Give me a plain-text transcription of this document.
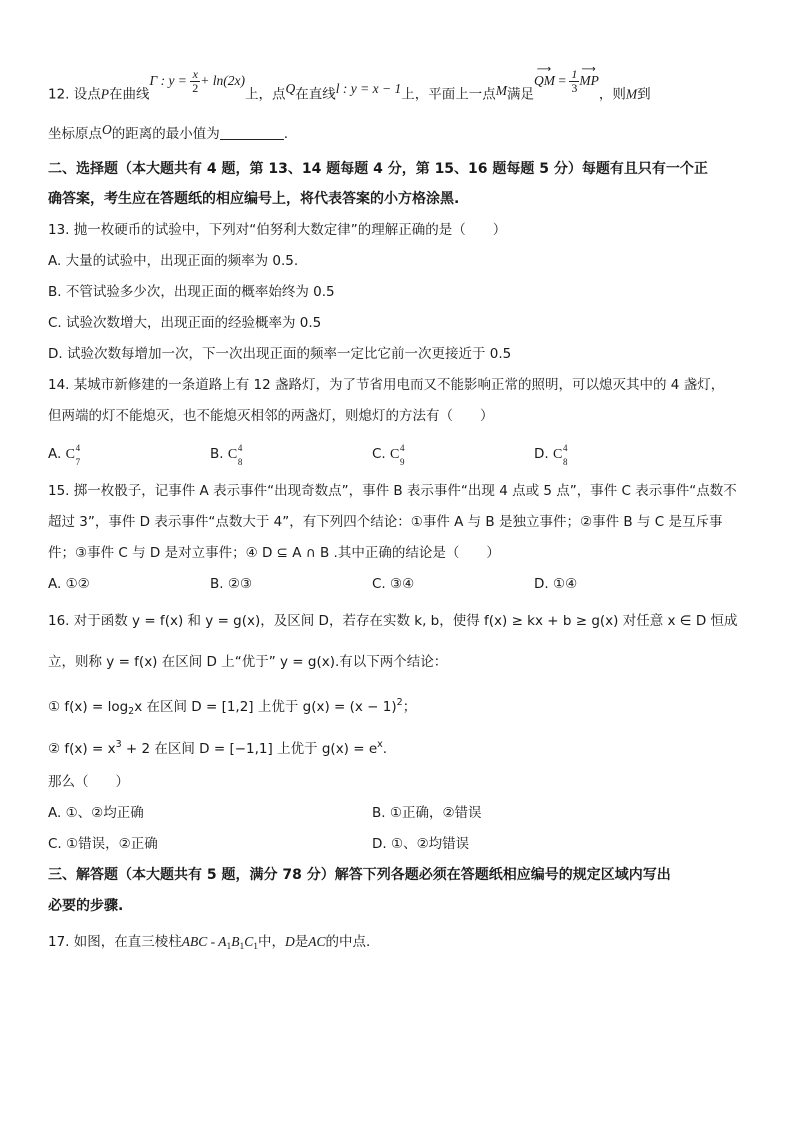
12. 设点P在曲线Γ : $y = \frac{x}{2} + \ln(2x)$上，点Q在直线l : y = x − 1上，平面上一点M满足
⟶
QM = $\frac{1}{3}$ ⟶
MP，则M到
坐标原点O的距离的最小值为	.
二、选择题（本大题共有 4 题，第 13、14 题每题 4 分，第 15、16 题每题 5 分）每题有且只有一个正
确答案，考生应在答题纸的相应编号上，将代表答案的小方格涂黑.
13. 抛一枚硬币的试验中，下列对“伯努利大数定律”的理解正确的是（　　）
A. 大量的试验中，出现正面的频率为 0.5.
B. 不管试验多少次，出现正面的概率始终为 0.5
C. 试验次数增大，出现正面的经验概率为 0.5
D. 试验次数每增加一次，下一次出现正面的频率一定比它前一次更接近于 0.5
14. 某城市新修建的一条道路上有 12 盏路灯，为了节省用电而又不能影响正常的照明，可以熄灭其中的 4 盏灯，
但两端的灯不能熄灭，也不能熄灭相邻的两盏灯，则熄灯的方法有（　　）
A. C 4
7	B. C 4
8	C. C 4
9	D. C 4
8
15. 掷一枚骰子，记事件 A 表示事件“出现奇数点”，事件 B 表示事件“出现 4 点或 5 点”，事件 C 表示事件“点数不
超过 3”，事件 D 表示事件“点数大于 4”，有下列四个结论：①事件 A 与 B 是独立事件；②事件 B 与 C 是互斥事
件；③事件 C 与 D 是对立事件；④ D ⊆ A ∩ B .其中正确的结论是（　　）
A. ①②	B. ②③	C. ③④	D. ①④
16. 对于函数 y = f(x) 和 y = g(x)，及区间 D，若存在实数 k, b，使得 f(x) ≥ kx + b ≥ g(x) 对任意 x ∈ D 恒成
立，则称 y = f(x) 在区间 D 上“优于” y = g(x).有以下两个结论：
① $f(x) = \log_2x$ 在区间 D = [1,2] 上优于 $g(x) = (x - 1)^2$；
② $f(x) = x^3 + 2$ 在区间 D = [−1,1] 上优于 $g(x) = e^x$.
那么（　　）
A. ①、②均正确	B. ①正确，②错误
C. ①错误，②正确	D. ①、②均错误
三、解答题（本大题共有 5 题，满分 78 分）解答下列各题必须在答题纸相应编号的规定区域内写出
必要的步骤.
17. 如图，在直三棱柱ABC - $A_1B_1C_1$中，D是AC的中点.
